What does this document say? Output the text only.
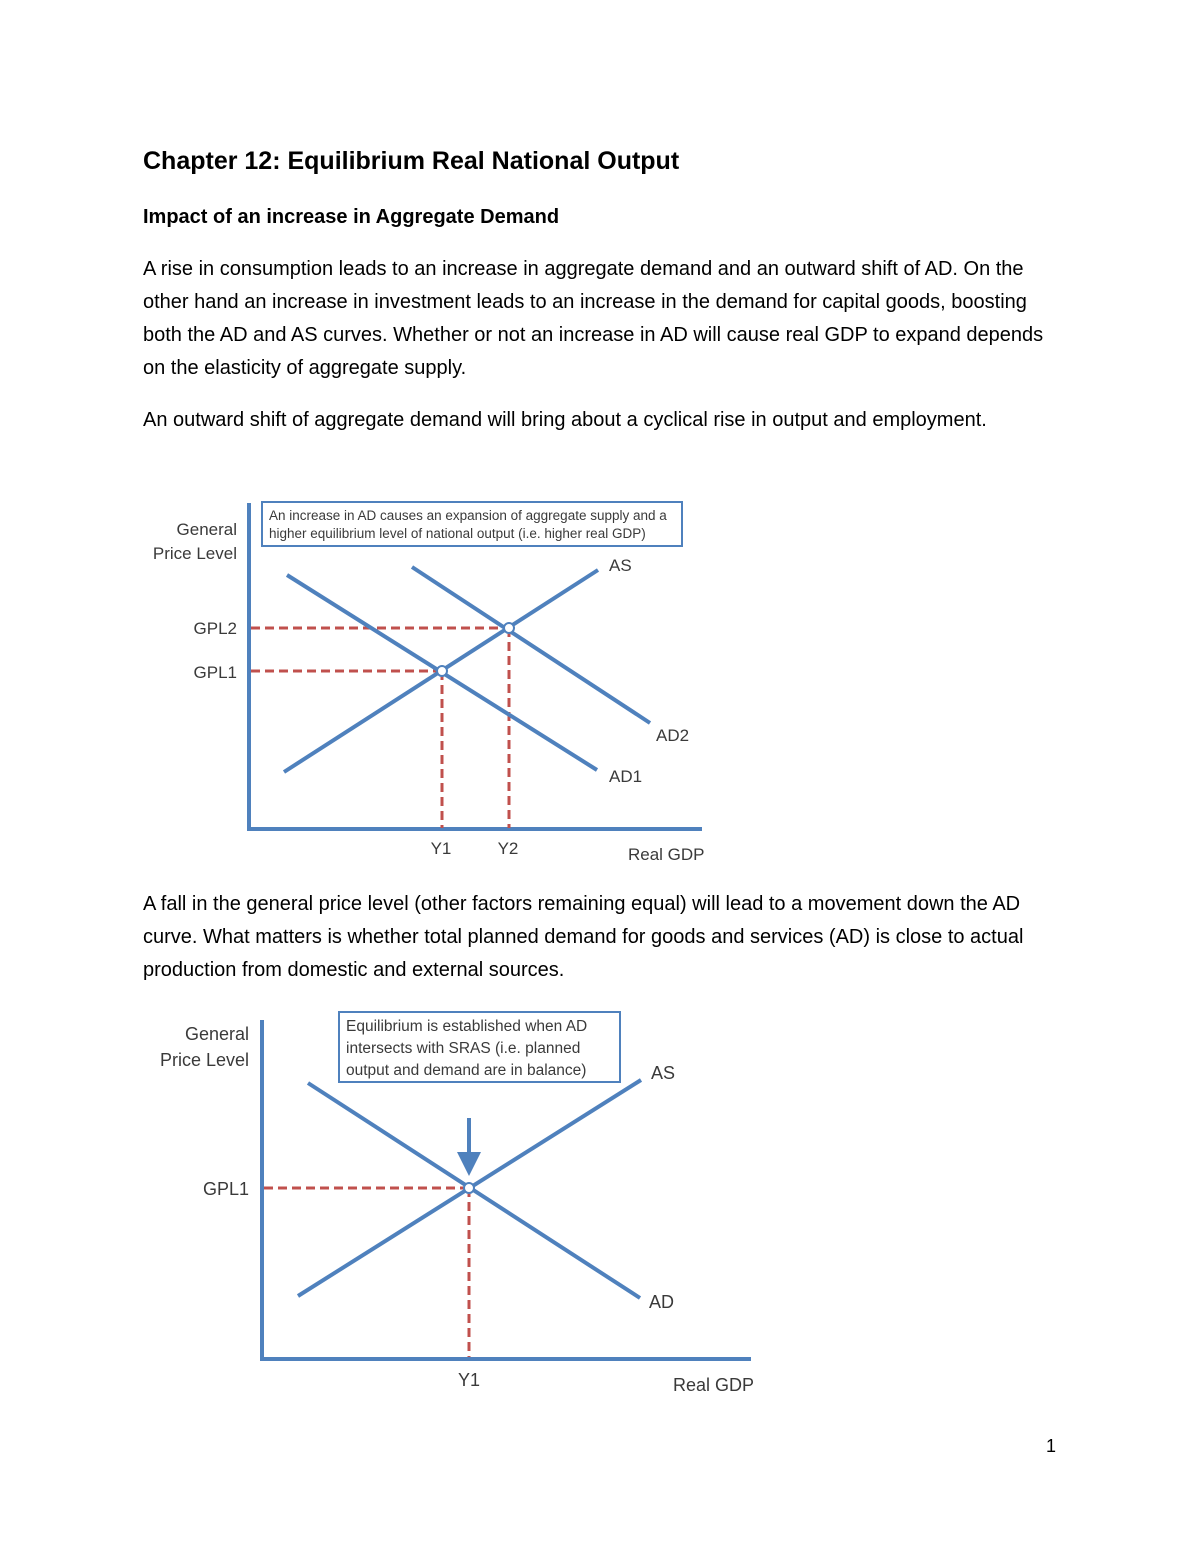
Chapter 12: Equilibrium Real National Output
Impact of an increase in Aggregate Demand

A rise in consumption leads to an increase in aggregate demand and an outward shift of AD. On the other hand an increase in investment leads to an increase in the demand for capital goods, boosting both the AD and AS curves. Whether or not an increase in AD will cause real GDP to expand depends on the elasticity of aggregate supply.

An outward shift of aggregate demand will bring about a cyclical rise in output and employment.

An increase in AD causes an expansion of aggregate supply and a
higher equilibrium level of national output (i.e. higher real GDP)
General
Price Level
GPL2
GPL1
AS
AD2
AD1
Y1	Y2	Real GDP

A fall in the general price level (other factors remaining equal) will lead to a movement down the AD curve. What matters is whether total planned demand for goods and services (AD) is close to actual production from domestic and external sources.

Equilibrium is established when AD
intersects with SRAS (i.e. planned
output and demand are in balance)
General
Price Level
GPL1
AS
AD
Y1	Real GDP

1
